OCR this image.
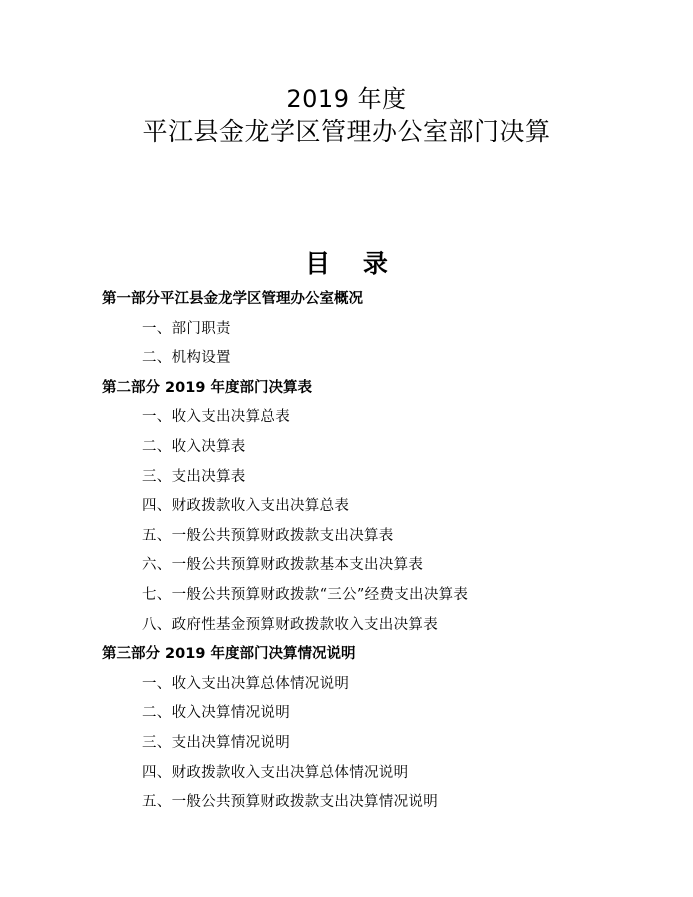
2019 年度
平江县金龙学区管理办公室部门决算
目 录
第一部分平江县金龙学区管理办公室概况
一、部门职责
二、机构设置
第二部分 2019 年度部门决算表
一、收入支出决算总表
二、收入决算表
三、支出决算表
四、财政拨款收入支出决算总表
五、一般公共预算财政拨款支出决算表
六、一般公共预算财政拨款基本支出决算表
七、一般公共预算财政拨款“三公”经费支出决算表
八、政府性基金预算财政拨款收入支出决算表
第三部分 2019 年度部门决算情况说明
一、收入支出决算总体情况说明
二、收入决算情况说明
三、支出决算情况说明
四、财政拨款收入支出决算总体情况说明
五、一般公共预算财政拨款支出决算情况说明
